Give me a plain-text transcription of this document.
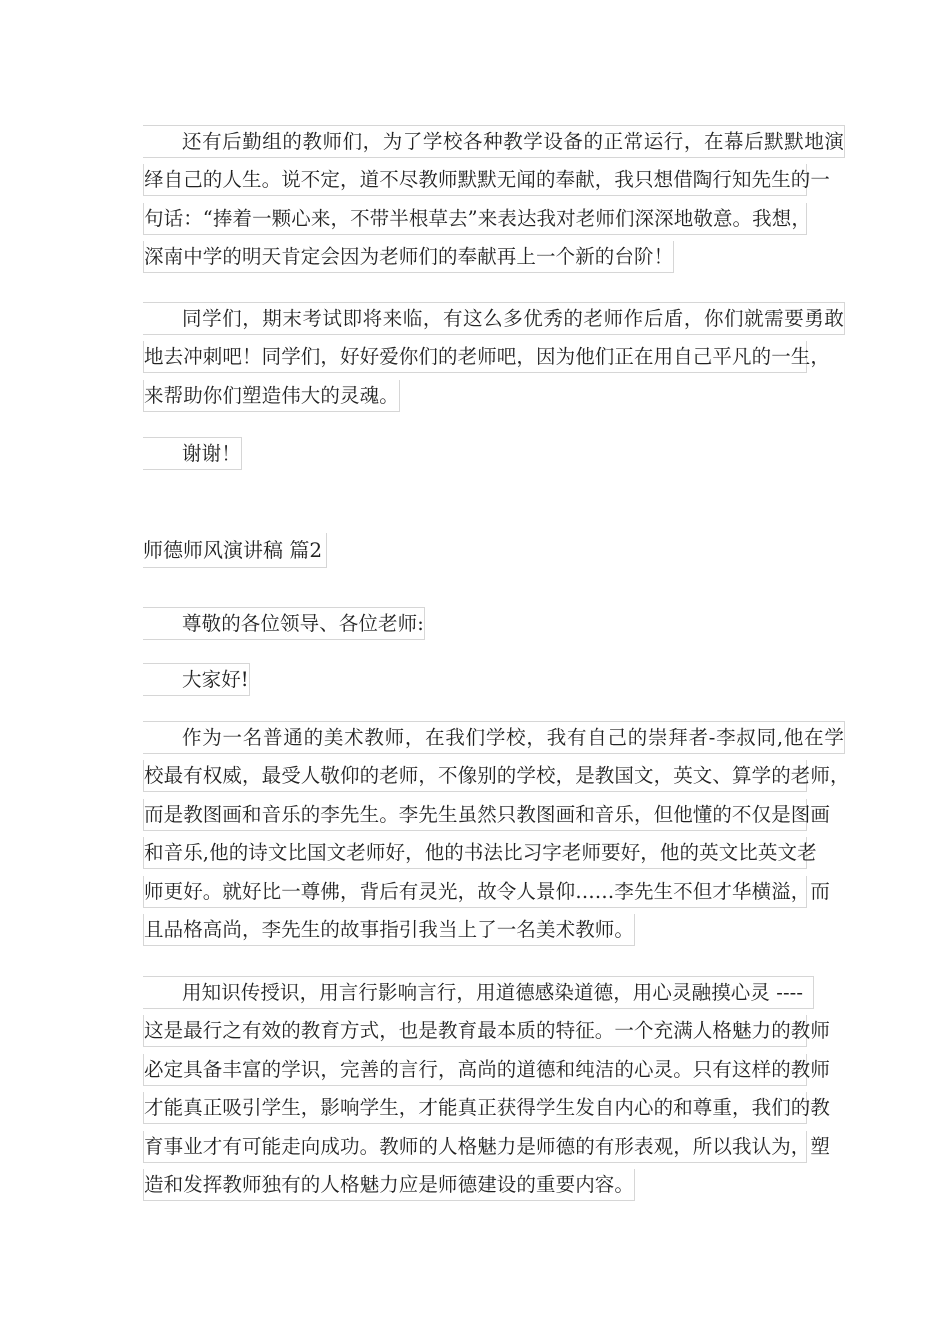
还有后勤组的教师们，为了学校各种教学设备的正常运行，在幕后默默地演
绎自己的人生。说不定，道不尽教师默默无闻的奉献，我只想借陶行知先生的一
句话：“捧着一颗心来，不带半根草去”来表达我对老师们深深地敬意。我想，
深南中学的明天肯定会因为老师们的奉献再上一个新的台阶！
同学们，期末考试即将来临，有这么多优秀的老师作后盾，你们就需要勇敢
地去冲刺吧！同学们，好好爱你们的老师吧，因为他们正在用自己平凡的一生，
来帮助你们塑造伟大的灵魂。
谢谢！
师德师风演讲稿 篇2
尊敬的各位领导、各位老师:
大家好!
作为一名普通的美术教师，在我们学校，我有自己的崇拜者-李叔同,他在学
校最有权威，最受人敬仰的老师，不像别的学校，是教国文，英文、算学的老师，
而是教图画和音乐的李先生。李先生虽然只教图画和音乐，但他懂的不仅是图画
和音乐,他的诗文比国文老师好，他的书法比习字老师要好，他的英文比英文老
师更好。就好比一尊佛，背后有灵光，故令人景仰……李先生不但才华横溢，而
且品格高尚，李先生的故事指引我当上了一名美术教师。
用知识传授识，用言行影响言行，用道德感染道德，用心灵融摸心灵 ----
这是最行之有效的教育方式，也是教育最本质的特征。一个充满人格魅力的教师
必定具备丰富的学识，完善的言行，高尚的道德和纯洁的心灵。只有这样的教师
才能真正吸引学生，影响学生，才能真正获得学生发自内心的和尊重，我们的教
育事业才有可能走向成功。教师的人格魅力是师德的有形表观，所以我认为，塑
造和发挥教师独有的人格魅力应是师德建设的重要内容。
